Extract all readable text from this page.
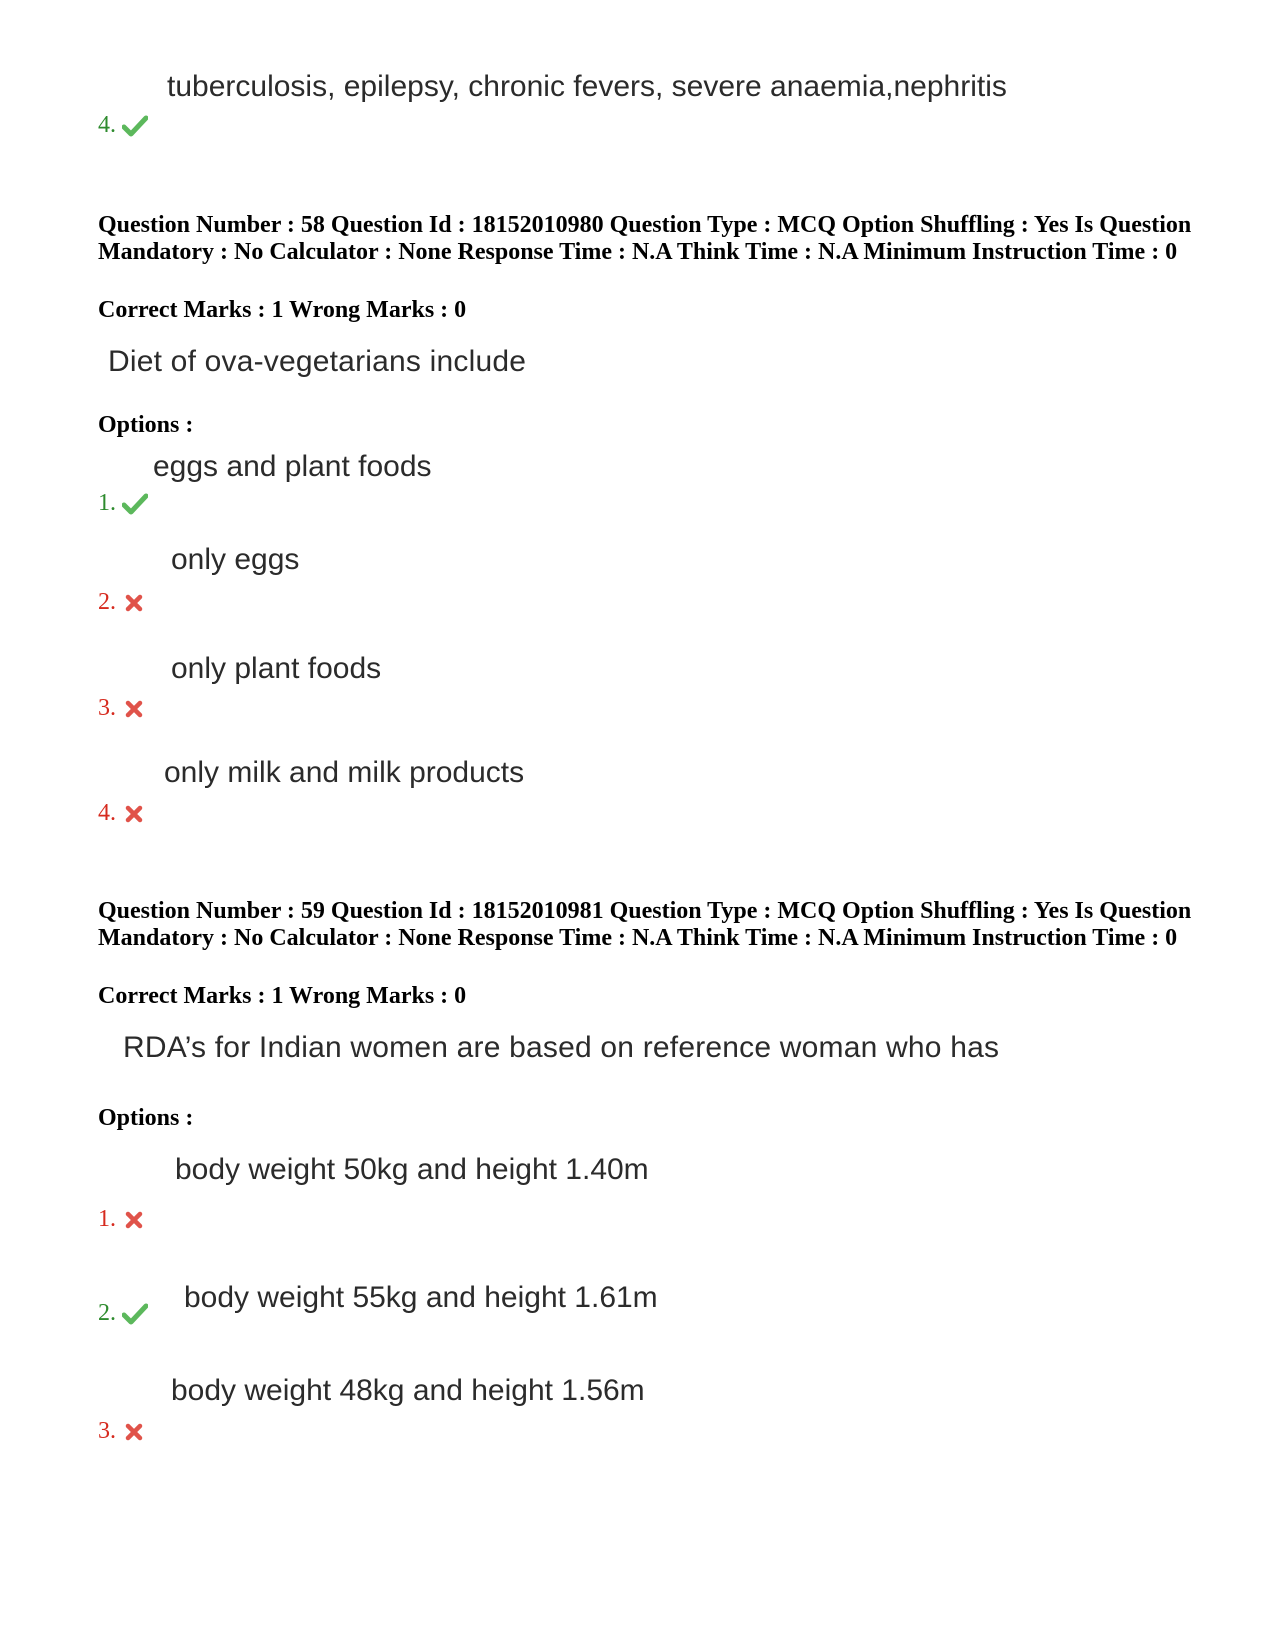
tuberculosis, epilepsy, chronic fevers, severe anaemia,nephritis
4.
Question Number : 58 Question Id : 18152010980 Question Type : MCQ Option Shuffling : Yes Is Question Mandatory : No Calculator : None Response Time : N.A Think Time : N.A Minimum Instruction Time : 0
Correct Marks : 1 Wrong Marks : 0
Diet of ova-vegetarians include
Options :
eggs and plant foods
1.
only eggs
2.
only plant foods
3.
only milk and milk products
4.
Question Number : 59 Question Id : 18152010981 Question Type : MCQ Option Shuffling : Yes Is Question Mandatory : No Calculator : None Response Time : N.A Think Time : N.A Minimum Instruction Time : 0
Correct Marks : 1 Wrong Marks : 0
RDA’s for Indian women are based on reference woman who has
Options :
body weight 50kg and height 1.40m
1.
body weight 55kg and height 1.61m
2.
body weight 48kg and height 1.56m
3.
